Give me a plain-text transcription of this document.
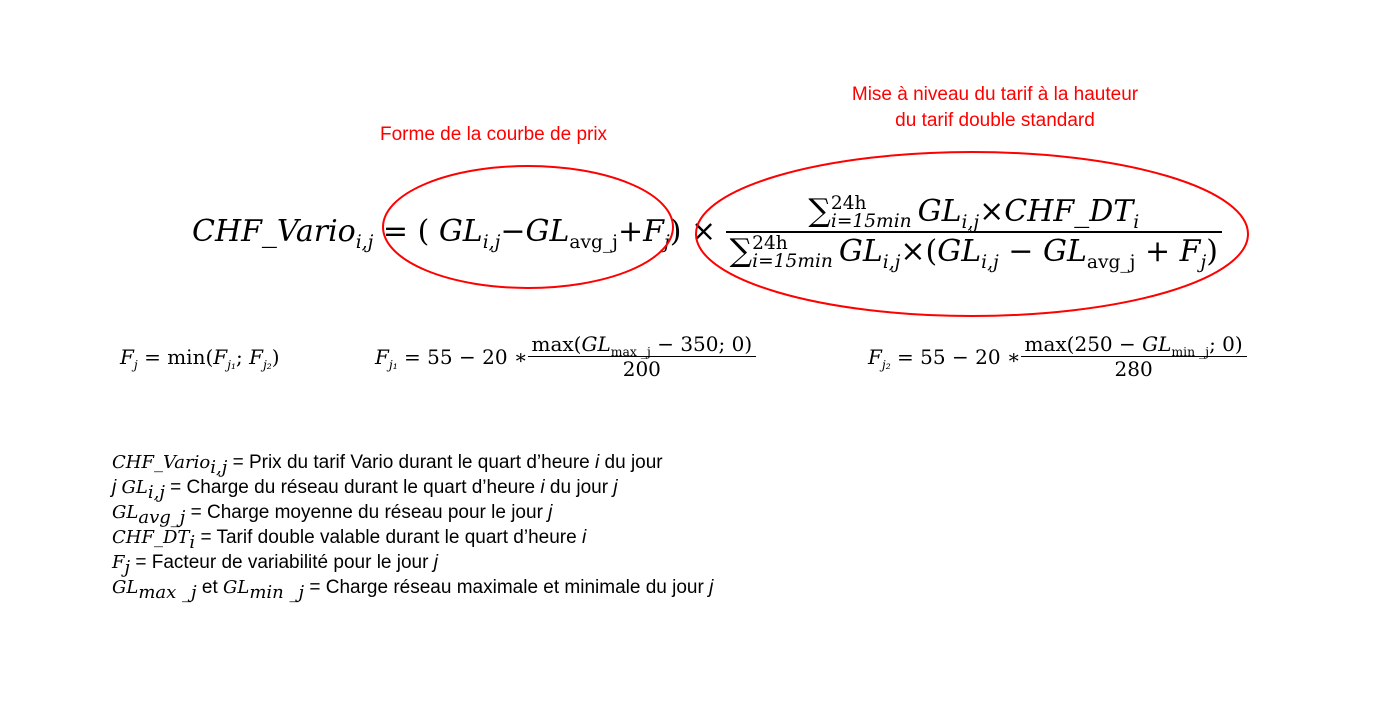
Forme de la courbe de prix
Mise à niveau du tarif à la hauteur
du tarif double standard
CHF_Vario$_{i,j}$ = ( $GL_{i,j}-GL_{avg\_j}+F_j$) × ∑ 24h
i=15min $GL_{i,j}\times CHF\_DT_i$
∑ 24h
i=15min $GL_{i,j}\times(GL_{i,j} - GL_{avg\_j} + F_j)$
$F_j = \min(F_{j_1}$; $F_{j_2}$)	$F_{j_1} = 55 - 20$ ∗ $\frac{\max(GL_{max \_j} - 350; 0)}{200}$	$F_{j_2} = 55 - 20$ ∗ $\frac{\max(250 - GL_{min \_j}; 0)}{280}$
CHF_Vario$_{i,j}$ = Prix du tarif Vario durant le quart d’heure i du jour
j $GL_{i,j}$ = Charge du réseau durant le quart d’heure i du jour j
$GL_{avg\_j}$ = Charge moyenne du réseau pour le jour j
$CHF\_DT_i$ = Tarif double valable durant le quart d’heure i
$F_j$ = Facteur de variabilité pour le jour j
$GL_{max \_j}$ et $GL_{min \_j}$ = Charge réseau maximale et minimale du jour j
